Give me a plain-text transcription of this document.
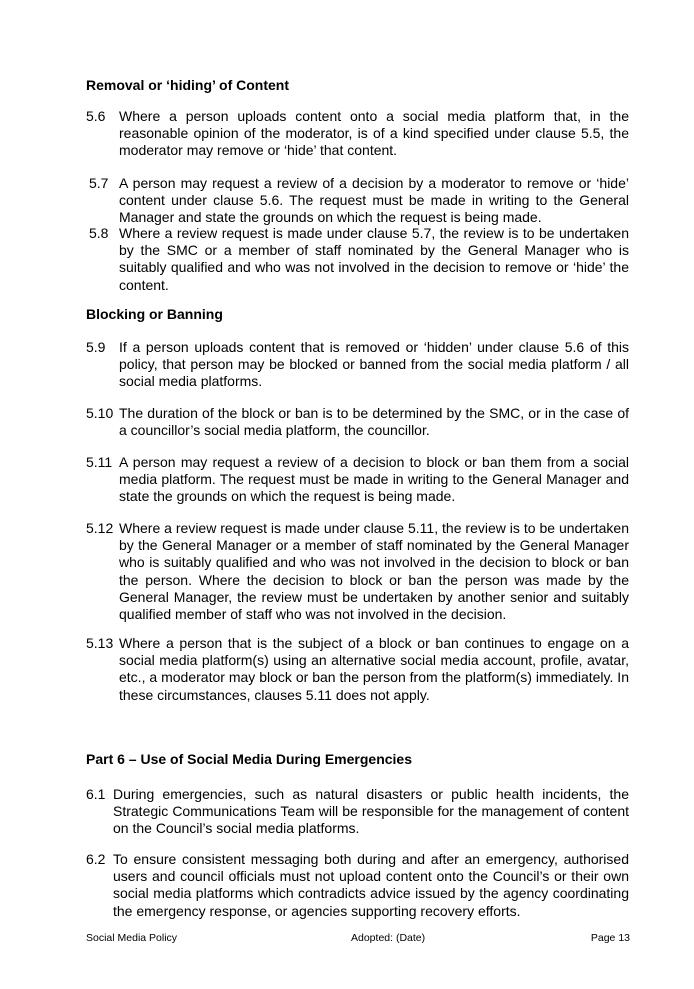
Removal or ‘hiding’ of Content
5.6 Where a person uploads content onto a social media platform that, in the reasonable opinion of the moderator, is of a kind specified under clause 5.5, the moderator may remove or ‘hide’ that content.
5.7 A person may request a review of a decision by a moderator to remove or ‘hide’ content under clause 5.6. The request must be made in writing to the General Manager and state the grounds on which the request is being made.
5.8 Where a review request is made under clause 5.7, the review is to be undertaken by the SMC or a member of staff nominated by the General Manager who is suitably qualified and who was not involved in the decision to remove or ‘hide’ the content.
Blocking or Banning
5.9 If a person uploads content that is removed or ‘hidden’ under clause 5.6 of this policy, that person may be blocked or banned from the social media platform / all social media platforms.
5.10 The duration of the block or ban is to be determined by the SMC, or in the case of a councillor’s social media platform, the councillor.
5.11 A person may request a review of a decision to block or ban them from a social media platform. The request must be made in writing to the General Manager and state the grounds on which the request is being made.
5.12 Where a review request is made under clause 5.11, the review is to be undertaken by the General Manager or a member of staff nominated by the General Manager who is suitably qualified and who was not involved in the decision to block or ban the person. Where the decision to block or ban the person was made by the General Manager, the review must be undertaken by another senior and suitably qualified member of staff who was not involved in the decision.
5.13 Where a person that is the subject of a block or ban continues to engage on a social media platform(s) using an alternative social media account, profile, avatar, etc., a moderator may block or ban the person from the platform(s) immediately. In these circumstances, clauses 5.11 does not apply.
Part 6 – Use of Social Media During Emergencies
6.1 During emergencies, such as natural disasters or public health incidents, the Strategic Communications Team will be responsible for the management of content on the Council’s social media platforms.
6.2 To ensure consistent messaging both during and after an emergency, authorised users and council officials must not upload content onto the Council’s or their own social media platforms which contradicts advice issued by the agency coordinating the emergency response, or agencies supporting recovery efforts.
Social Media Policy	Adopted: (Date)	Page 13
